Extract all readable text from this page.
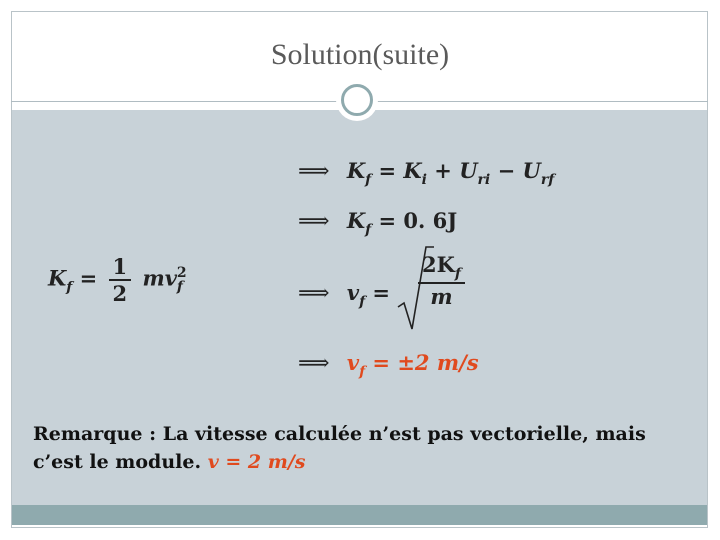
Solution(suite)
⟹ $K_f = K_i + U_{ri} - U_{rf}$
⟹ $K_f = 0$. 6J
⟹ $v_f$ =
$2K_f$
m
⟹ $v_f = \pm 2$ m/s
$K_f = \frac{1}{2}$ mv 2
f
Remarque : La vitesse calculée n’est pas vectorielle, mais c’est le module. v = 2 m/s
